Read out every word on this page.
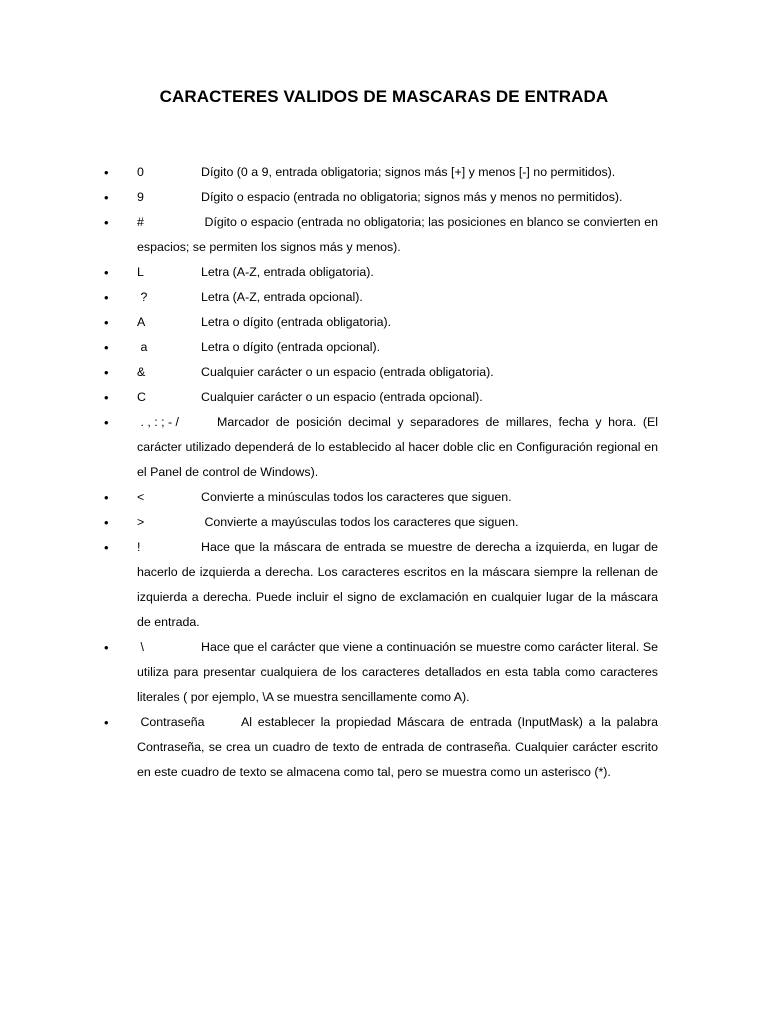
CARACTERES VALIDOS DE MASCARAS DE ENTRADA
•	0	Dígito (0 a 9, entrada obligatoria; signos más [+] y menos [-] no permitidos).
•	9	Dígito o espacio (entrada no obligatoria; signos más y menos no permitidos).
•	#	Dígito o espacio (entrada no obligatoria; las posiciones en blanco se convierten en espacios; se permiten los signos más y menos).
•	L	Letra (A-Z, entrada obligatoria).
•	?	Letra (A-Z, entrada opcional).
•	A	Letra o dígito (entrada obligatoria).
•	a	Letra o dígito (entrada opcional).
•	&	Cualquier carácter o un espacio (entrada obligatoria).
•	C	Cualquier carácter o un espacio (entrada opcional).
•	. , : ; - /	Marcador de posición decimal y separadores de millares, fecha y hora. (El carácter utilizado dependerá de lo establecido al hacer doble clic en Configuración regional en el Panel de control de Windows).
•	<	Convierte a minúsculas todos los caracteres que siguen.
•	>	Convierte a mayúsculas todos los caracteres que siguen.
•	!	Hace que la máscara de entrada se muestre de derecha a izquierda, en lugar de hacerlo de izquierda a derecha. Los caracteres escritos en la máscara siempre la rellenan de izquierda a derecha. Puede incluir el signo de exclamación en cualquier lugar de la máscara de entrada.
•	\	Hace que el carácter que viene a continuación se muestre como carácter literal. Se utiliza para presentar cualquiera de los caracteres detallados en esta tabla como caracteres literales ( por ejemplo, \A se muestra sencillamente como A).
•	Contraseña	Al establecer la propiedad Máscara de entrada (InputMask) a la palabra Contraseña, se crea un cuadro de texto de entrada de contraseña. Cualquier carácter escrito en este cuadro de texto se almacena como tal, pero se muestra como un asterisco (*).
